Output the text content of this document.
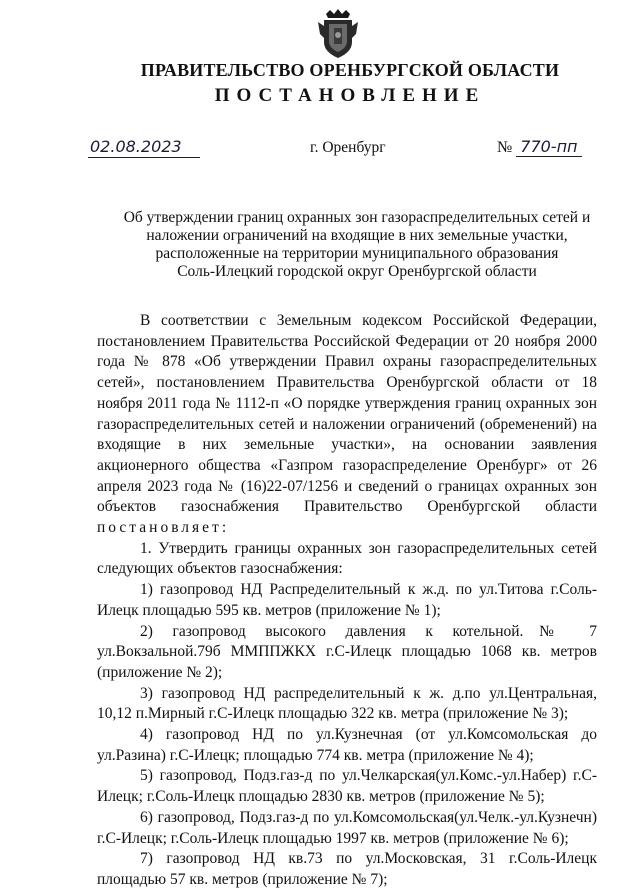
ПРАВИТЕЛЬСТВО ОРЕНБУРГСКОЙ ОБЛАСТИ
ПОСТАНОВЛЕНИЕ
02.08.2023	г. Оренбург	№ 770-пп
Об утверждении границ охранных зон газораспределительных сетей и
наложении ограничений на входящие в них земельные участки,
расположенные на территории муниципального образования
Соль-Илецкий городской округ Оренбургской области

В соответствии с Земельным кодексом Российской Федерации, постановлением Правительства Российской Федерации от 20 ноября 2000 года № 878 «Об утверждении Правил охраны газораспределительных сетей», постановлением Правительства Оренбургской области от 18 ноября 2011 года № 1112-п «О порядке утверждения границ охранных зон газораспределительных сетей и наложении ограничений (обременений) на входящие в них земельные участки», на основании заявления акционерного общества «Газпром газораспределение Оренбург» от 26 апреля 2023 года № (16)22-07/1256 и сведений о границах охранных зон объектов газоснабжения Правительство Оренбургской области постановляет:

1. Утвердить границы охранных зон газораспределительных сетей следующих объектов газоснабжения:

1) газопровод НД Распределительный к ж.д. по ул.Титова г.Соль-Илецк площадью 595 кв. метров (приложение № 1);

2) газопровод высокого давления к котельной.№ 7 ул.Вокзальной.79б ММППЖКХ г.С-Илецк площадью 1068 кв. метров (приложение № 2);

3) газопровод НД распределительный к ж. д.по ул.Центральная, 10,12 п.Мирный г.С-Илецк площадью 322 кв. метра (приложение № 3);

4) газопровод НД по ул.Кузнечная (от ул.Комсомольская до ул.Разина) г.С-Илецк; площадью 774 кв. метра (приложение № 4);

5) газопровод, Подз.газ-д по ул.Челкарская(ул.Комс.-ул.Набер) г.С-Илецк; г.Соль-Илецк площадью 2830 кв. метров (приложение № 5);

6) газопровод, Подз.газ-д по ул.Комсомольская(ул.Челк.-ул.Кузнечн) г.С-Илецк; г.Соль-Илецк площадью 1997 кв. метров (приложение № 6);

7) газопровод НД кв.73 по ул.Московская, 31 г.Соль-Илецк площадью 57 кв. метров (приложение № 7);
